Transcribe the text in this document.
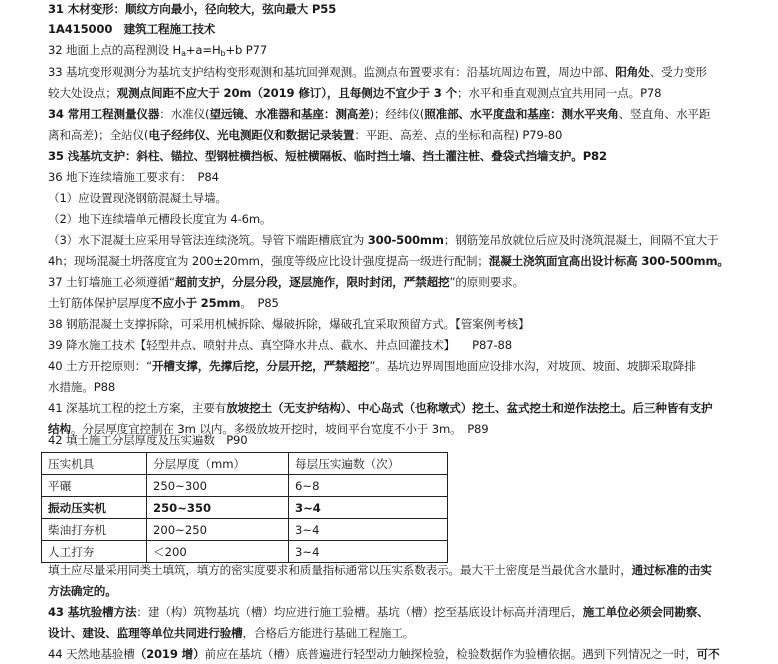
31 木材变形：顺纹方向最小，径向较大，弦向最大 P55
1A415000　建筑工程施工技术
32 地面上点的高程测设 $H_a+a=H_b+b$ P77
33 基坑变形观测分为基坑支护结构变形观测和基坑回弹观测。监测点布置要求有：沿基坑周边布置，周边中部、阳角处、受力变形
较大处设点；观测点间距不应大于 20m（2019 修订），且每侧边不宜少于 3 个；水平和垂直观测点宜共用同一点。P78
34 常用工程测量仪器：水准仪(望远镜、水准器和基座：测高差)；经纬仪(照准部、水平度盘和基座：测水平夹角、竖直角、水平距
离和高差)；全站仪(电子经纬仪、光电测距仪和数据记录装置：平距、高差、点的坐标和高程) P79-80
35 浅基坑支护：斜柱、锚拉、型钢桩横挡板、短桩横隔板、临时挡土墙、挡土灌注桩、叠袋式挡墙支护。P82
36 地下连续墙施工要求有：　P84
（1）应设置现浇钢筋混凝土导墙。
（2）地下连续墙单元槽段长度宜为 4-6m。
（3）水下混凝土应采用导管法连续浇筑。导管下端距槽底宜为 300-500mm；钢筋笼吊放就位后应及时浇筑混凝土，间隔不宜大于
4h；现场混凝土坍落度宜为 200±20mm，强度等级应比设计强度提高一级进行配制；混凝土浇筑面宜高出设计标高 300-500mm。
37 土钉墙施工必须遵循“超前支护，分层分段，逐层施作，限时封闭，严禁超挖”的原则要求。
土钉筋体保护层厚度不应小于 25mm。　P85
38 钢筋混凝土支撑拆除，可采用机械拆除、爆破拆除，爆破孔宜采取预留方式。【管案例考核】
39 降水施工技术【轻型井点、喷射井点、真空降水井点、截水、井点回灌技术】　　P87-88
40 土方开挖原则：“开槽支撑，先撑后挖，分层开挖，严禁超挖”。基坑边界周围地面应设排水沟，对坡顶、坡面、坡脚采取降排
水措施。P88
41 深基坑工程的挖土方案，主要有放坡挖土（无支护结构）、中心岛式（也称墩式）挖土、盆式挖土和逆作法挖土。后三种皆有支护
结构。分层厚度宜控制在 3m 以内。多级放坡开挖时，坡间平台宽度不小于 3m。　P89
42 填土施工分层厚度及压实遍数　P90
压实机具	分层厚度（mm）	每层压实遍数（次）
平碾	250~300	6~8
振动压实机	250~350	3~4
柴油打夯机	200~250	3~4
人工打夯	＜200	3~4
填土应尽量采用同类土填筑，填方的密实度要求和质量指标通常以压实系数表示。最大干土密度是当最优含水量时，通过标准的击实
方法确定的。
43 基坑验槽方法：建（构）筑物基坑（槽）均应进行施工验槽。基坑（槽）挖至基底设计标高并清理后，施工单位必须会同勘察、
设计、建设、监理等单位共同进行验槽，合格后方能进行基础工程施工。
44 天然地基验槽（2019 增）前应在基坑（槽）底普遍进行轻型动力触探检验，检验数据作为验槽依据。遇到下列情况之一时，可不
